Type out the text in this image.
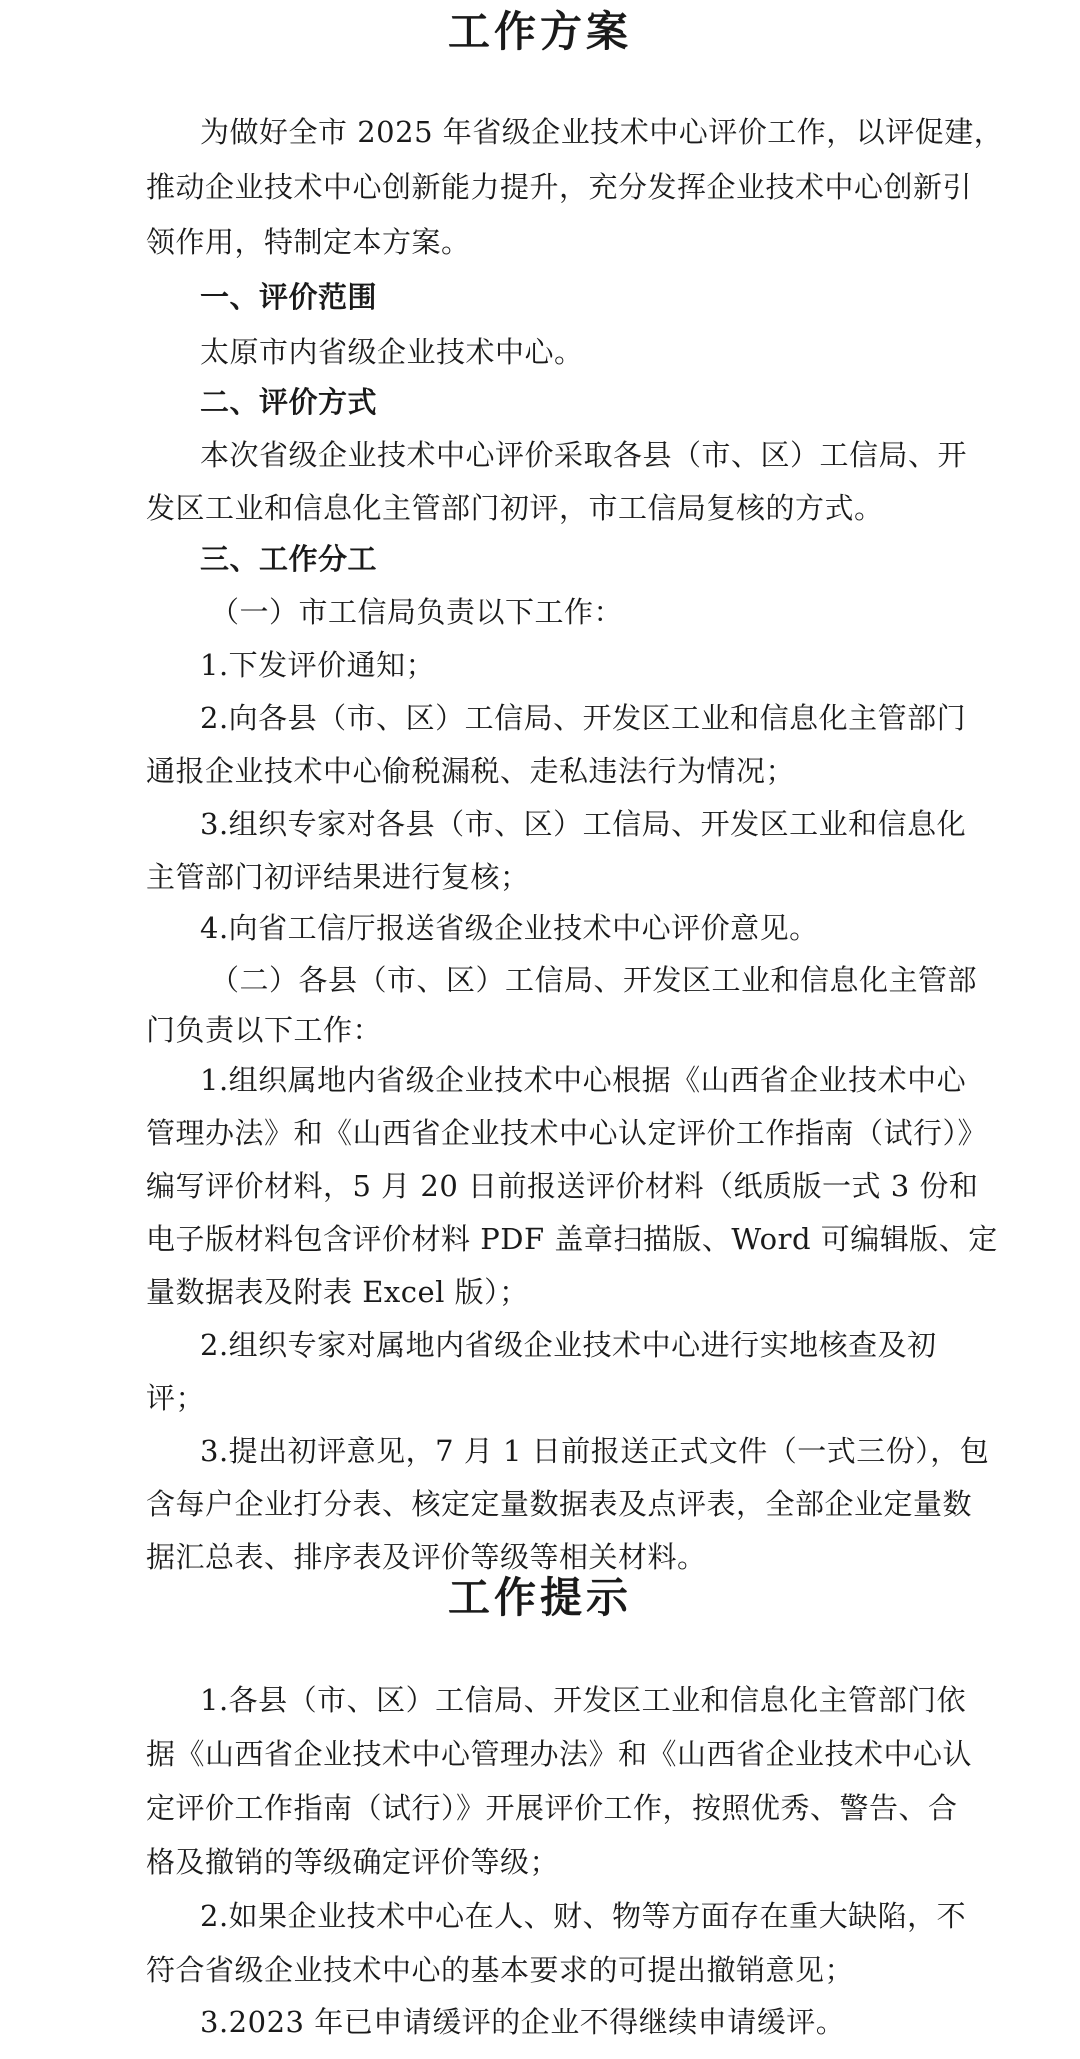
工作方案

为做好全市 2025 年省级企业技术中心评价工作，以评促建，

推动企业技术中心创新能力提升，充分发挥企业技术中心创新引

领作用，特制定本方案。

一、评价范围

太原市内省级企业技术中心。

二、评价方式

本次省级企业技术中心评价采取各县（市、区）工信局、开

发区工业和信息化主管部门初评，市工信局复核的方式。

三、工作分工

（一）市工信局负责以下工作：

1.下发评价通知；

2.向各县（市、区）工信局、开发区工业和信息化主管部门

通报企业技术中心偷税漏税、走私违法行为情况；

3.组织专家对各县（市、区）工信局、开发区工业和信息化

主管部门初评结果进行复核；

4.向省工信厅报送省级企业技术中心评价意见。

（二）各县（市、区）工信局、开发区工业和信息化主管部

门负责以下工作：

1.组织属地内省级企业技术中心根据《山西省企业技术中心

管理办法》和《山西省企业技术中心认定评价工作指南（试行）》

编写评价材料，5 月 20 日前报送评价材料（纸质版一式 3 份和

电子版材料包含评价材料 PDF 盖章扫描版、Word 可编辑版、定

量数据表及附表 Excel 版）；

2.组织专家对属地内省级企业技术中心进行实地核查及初

评；

3.提出初评意见，7 月 1 日前报送正式文件（一式三份），包

含每户企业打分表、核定定量数据表及点评表，全部企业定量数

据汇总表、排序表及评价等级等相关材料。

工作提示

1.各县（市、区）工信局、开发区工业和信息化主管部门依

据《山西省企业技术中心管理办法》和《山西省企业技术中心认

定评价工作指南（试行）》开展评价工作，按照优秀、警告、合

格及撤销的等级确定评价等级；

2.如果企业技术中心在人、财、物等方面存在重大缺陷，不

符合省级企业技术中心的基本要求的可提出撤销意见；

3.2023 年已申请缓评的企业不得继续申请缓评。
